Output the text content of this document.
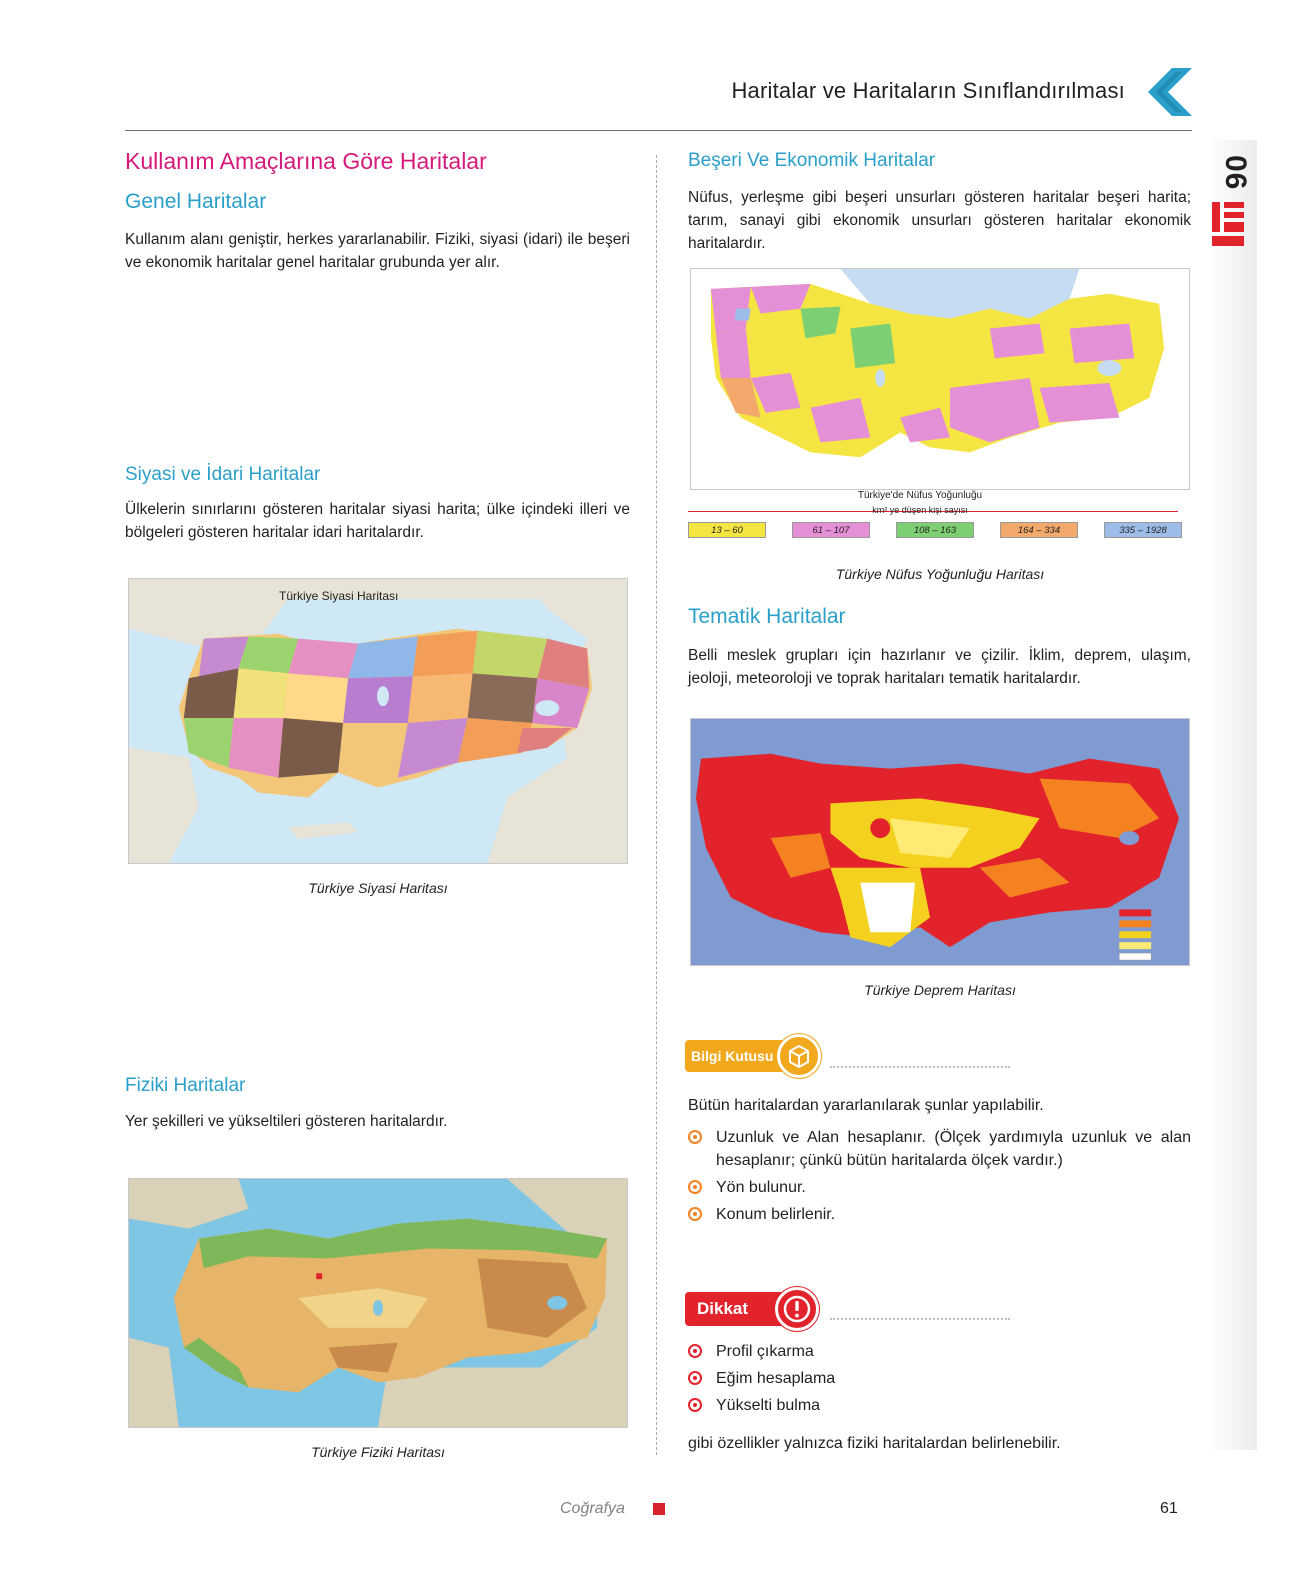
Haritalar ve Haritaların Sınıflandırılması
06
Kullanım Amaçlarına Göre Haritalar
Genel Haritalar
Kullanım alanı geniştir, herkes yararlanabilir. Fiziki, siyasi (idari) ile beşeri ve ekonomik haritalar genel haritalar grubunda yer alır.
Siyasi ve İdari Haritalar
Ülkelerin sınırlarını gösteren haritalar siyasi harita; ülke içindeki illeri ve bölgeleri gösteren haritalar idari haritalardır.
Türkiye Siyasi Haritası
Türkiye Siyasi Haritası
Fiziki Haritalar
Yer şekilleri ve yükseltileri gösteren haritalardır.
Türkiye Fiziki Haritası
Beşeri Ve Ekonomik Haritalar
Nüfus, yerleşme gibi beşeri unsurları gösteren haritalar beşeri harita; tarım, sanayi gibi ekonomik unsurları gösteren haritalar ekonomik haritalardır.
Türkiye'de Nüfus Yoğunluğu
km² ye düşen kişi sayısı
13 – 60	61 – 107	108 – 163	164 – 334	335 – 1928
Türkiye Nüfus Yoğunluğu Haritası
Tematik Haritalar
Belli meslek grupları için hazırlanır ve çizilir. İklim, deprem, ulaşım, jeoloji, meteoroloji ve toprak haritaları tematik haritalardır.
Türkiye Deprem Haritası
Bilgi Kutusu
Bütün haritalardan yararlanılarak şunlar yapılabilir.
Uzunluk ve Alan hesaplanır. (Ölçek yardımıyla uzunluk ve alan hesaplanır; çünkü bütün haritalarda ölçek vardır.)
Yön bulunur.
Konum belirlenir.
Dikkat
Profil çıkarma
Eğim hesaplama
Yükselti bulma
gibi özellikler yalnızca fiziki haritalardan belirlenebilir.
Coğrafya	61
